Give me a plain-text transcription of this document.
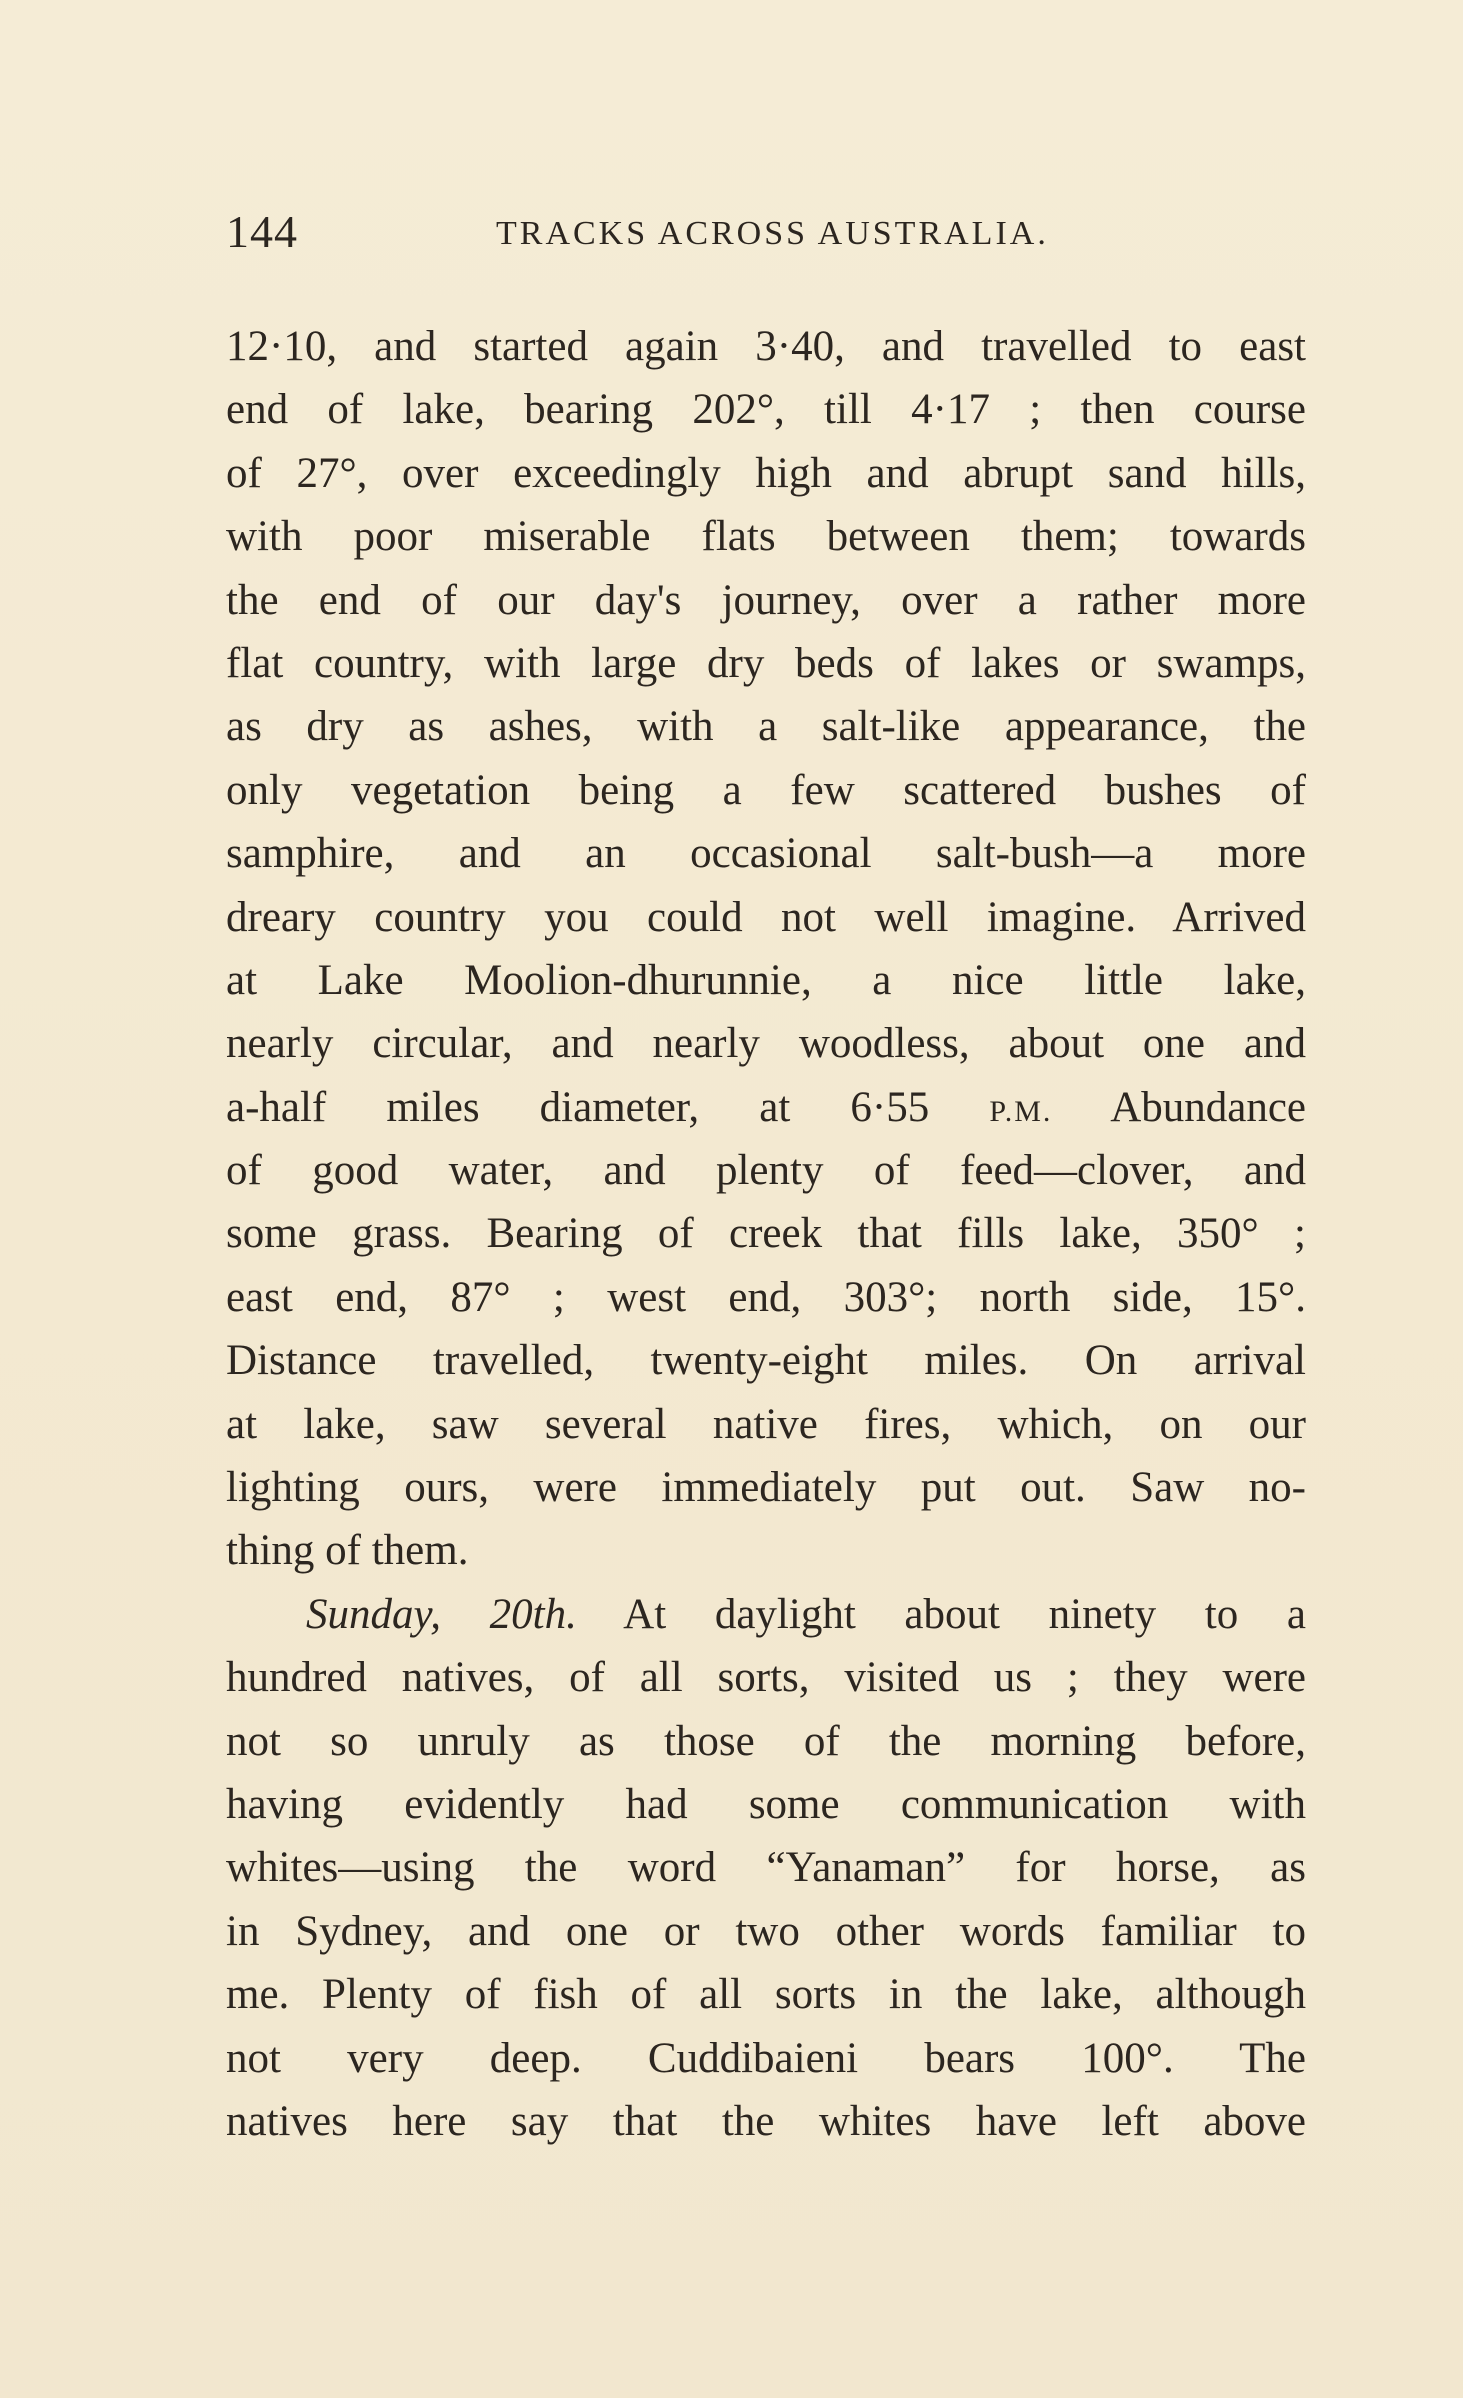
144	TRACKS ACROSS AUSTRALIA.
12·10, and started again 3·40, and travelled to east
end of lake, bearing 202°, till 4·17 ; then course
of 27°, over exceedingly high and abrupt sand hills,
with poor miserable flats between them; towards
the end of our day's journey, over a rather more
flat country, with large dry beds of lakes or swamps,
as dry as ashes, with a salt-like appearance, the
only vegetation being a few scattered bushes of
samphire, and an occasional salt-bush—a more
dreary country you could not well imagine. Arrived
at Lake Moolion-dhurunnie, a nice little lake,
nearly circular, and nearly woodless, about one and
a-half miles diameter, at 6·55 P.M. Abundance
of good water, and plenty of feed—clover, and
some grass. Bearing of creek that fills lake, 350° ;
east end, 87° ; west end, 303°; north side, 15°.
Distance travelled, twenty-eight miles. On arrival
at lake, saw several native fires, which, on our
lighting ours, were immediately put out. Saw no-
thing of them.
Sunday, 20th. At daylight about ninety to a
hundred natives, of all sorts, visited us ; they were
not so unruly as those of the morning before,
having evidently had some communication with
whites—using the word “Yanaman” for horse, as
in Sydney, and one or two other words familiar to
me. Plenty of fish of all sorts in the lake, although
not very deep. Cuddibaieni bears 100°. The
natives here say that the whites have left above
